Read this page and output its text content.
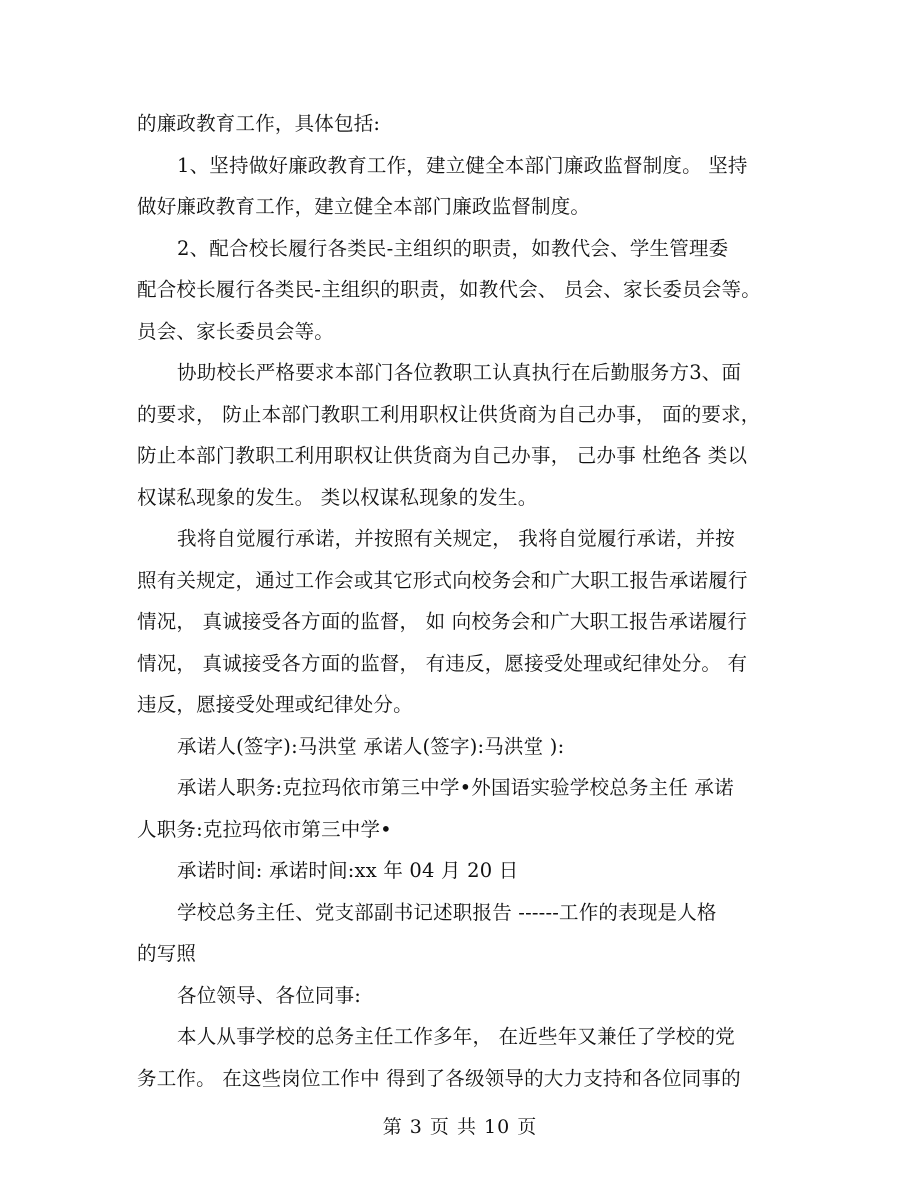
的廉政教育工作，具体包括:
1、坚持做好廉政教育工作，建立健全本部门廉政监督制度。 坚持
做好廉政教育工作，建立健全本部门廉政监督制度。
2、配合校长履行各类民-主组织的职责，如教代会、学生管理委
配合校长履行各类民-主组织的职责，如教代会、 员会、家长委员会等。
员会、家长委员会等。
协助校长严格要求本部门各位教职工认真执行在后勤服务方3、面
的要求， 防止本部门教职工利用职权让供货商为自己办事， 面的要求，
防止本部门教职工利用职权让供货商为自己办事， 己办事 杜绝各 类以
权谋私现象的发生。 类以权谋私现象的发生。
我将自觉履行承诺，并按照有关规定， 我将自觉履行承诺，并按
照有关规定，通过工作会或其它形式向校务会和广大职工报告承诺履行
情况， 真诚接受各方面的监督， 如 向校务会和广大职工报告承诺履行
情况， 真诚接受各方面的监督， 有违反，愿接受处理或纪律处分。 有
违反，愿接受处理或纪律处分。
承诺人(签字):马洪堂 承诺人(签字):马洪堂 ):
承诺人职务:克拉玛依市第三中学•外国语实验学校总务主任 承诺
人职务:克拉玛依市第三中学•
承诺时间: 承诺时间:xx 年 04 月 20 日
学校总务主任、党支部副书记述职报告 ------工作的表现是人格
的写照
各位领导、各位同事:
本人从事学校的总务主任工作多年， 在近些年又兼任了学校的党
务工作。 在这些岗位工作中 得到了各级领导的大力支持和各位同事的
第 3 页 共 10 页
